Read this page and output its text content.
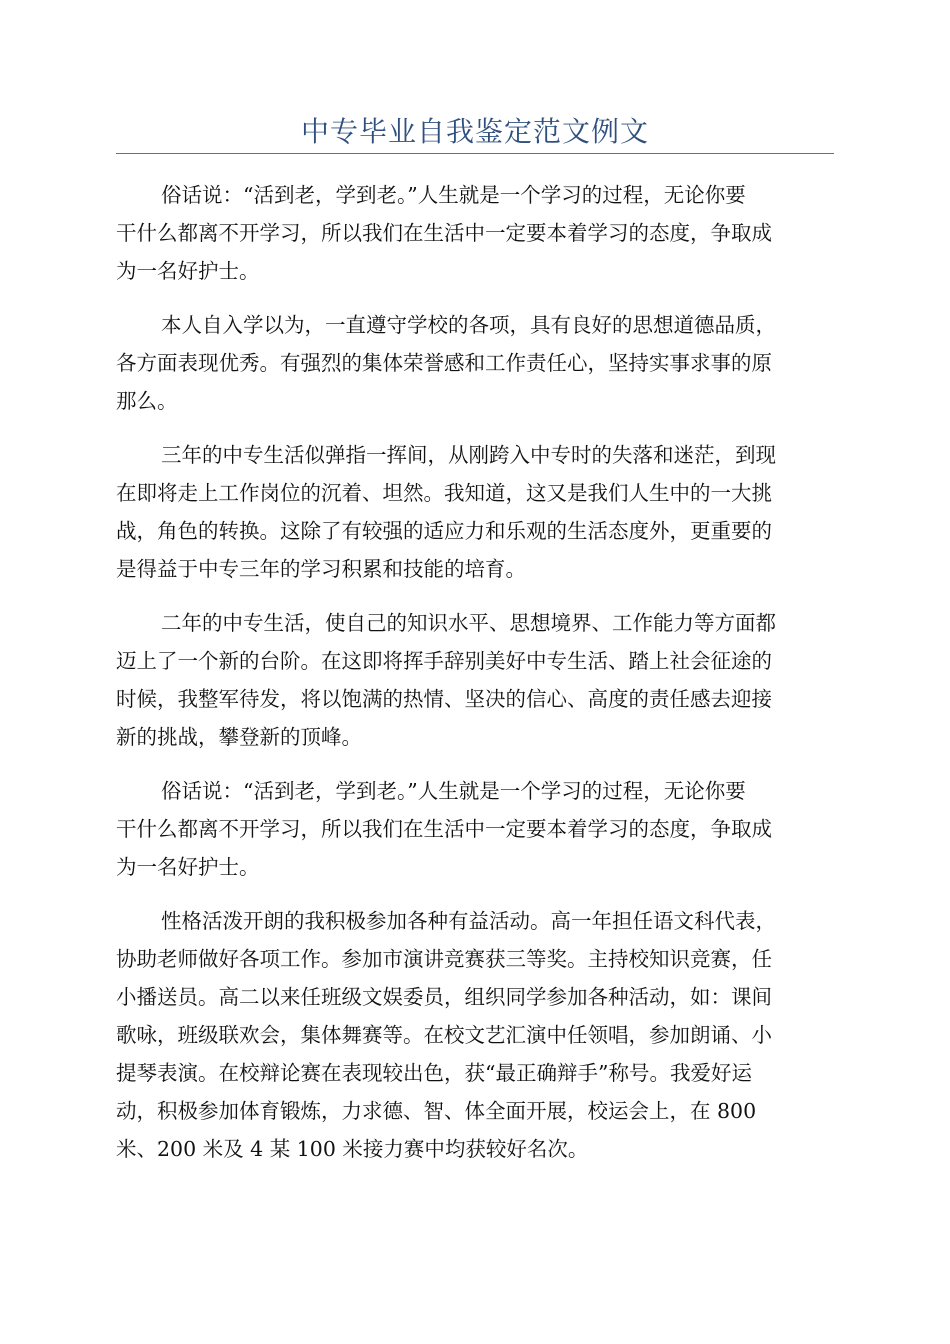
中专毕业自我鉴定范文例文
俗话说：“活到老，学到老。”人生就是一个学习的过程，无论你要
干什么都离不开学习，所以我们在生活中一定要本着学习的态度，争取成
为一名好护士。
本人自入学以为，一直遵守学校的各项，具有良好的思想道德品质，
各方面表现优秀。有强烈的集体荣誉感和工作责任心，坚持实事求事的原
那么。
三年的中专生活似弹指一挥间，从刚跨入中专时的失落和迷茫，到现
在即将走上工作岗位的沉着、坦然。我知道，这又是我们人生中的一大挑
战，角色的转换。这除了有较强的适应力和乐观的生活态度外，更重要的
是得益于中专三年的学习积累和技能的培育。
二年的中专生活，使自己的知识水平、思想境界、工作能力等方面都
迈上了一个新的台阶。在这即将挥手辞别美好中专生活、踏上社会征途的
时候，我整军待发，将以饱满的热情、坚决的信心、高度的责任感去迎接
新的挑战，攀登新的顶峰。
俗话说：“活到老，学到老。”人生就是一个学习的过程，无论你要
干什么都离不开学习，所以我们在生活中一定要本着学习的态度，争取成
为一名好护士。
性格活泼开朗的我积极参加各种有益活动。高一年担任语文科代表，
协助老师做好各项工作。参加市演讲竞赛获三等奖。主持校知识竞赛，任
小播送员。高二以来任班级文娱委员，组织同学参加各种活动，如：课间
歌咏，班级联欢会，集体舞赛等。在校文艺汇演中任领唱，参加朗诵、小
提琴表演。在校辩论赛在表现较出色，获“最正确辩手”称号。我爱好运
动，积极参加体育锻炼，力求德、智、体全面开展，校运会上，在 800
米、200 米及 4 某 100 米接力赛中均获较好名次。
